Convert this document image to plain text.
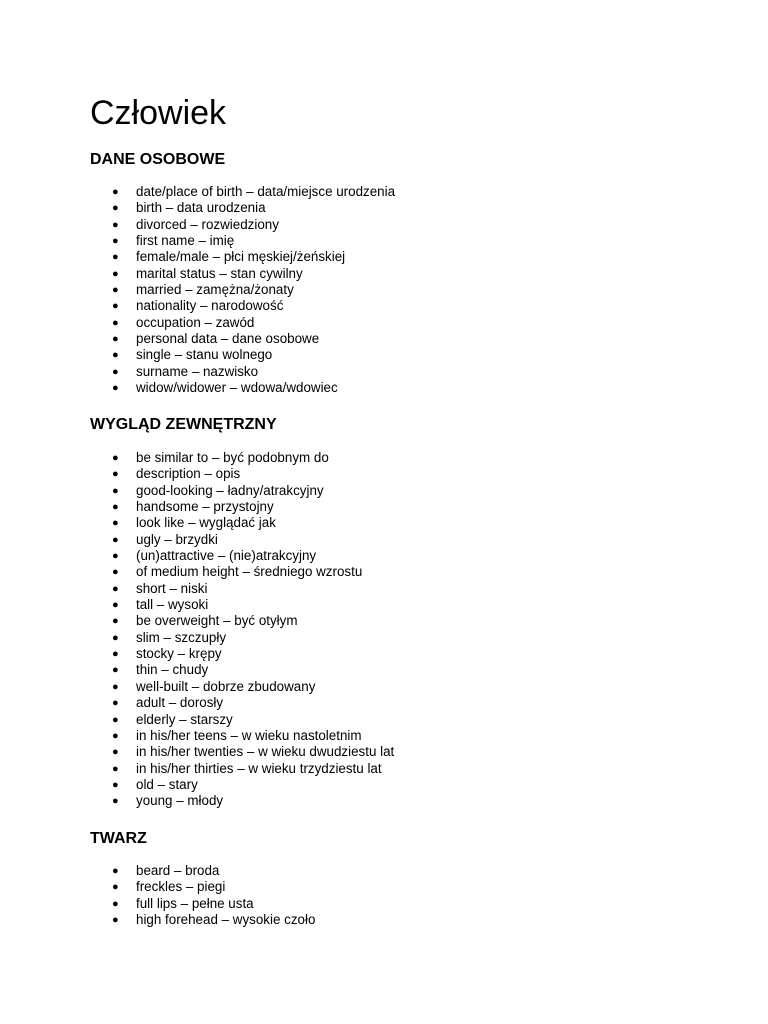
Człowiek
DANE OSOBOWE
● date/place of birth – data/miejsce urodzenia
● birth – data urodzenia
● divorced – rozwiedziony
● first name – imię
● female/male – płci męskiej/żeńskiej
● marital status – stan cywilny
● married – zamężna/żonaty
● nationality – narodowość
● occupation – zawód
● personal data – dane osobowe
● single – stanu wolnego
● surname – nazwisko
● widow/widower – wdowa/wdowiec
WYGLĄD ZEWNĘTRZNY
● be similar to – być podobnym do
● description – opis
● good-looking – ładny/atrakcyjny
● handsome – przystojny
● look like – wyglądać jak
● ugly – brzydki
● (un)attractive – (nie)atrakcyjny
● of medium height – średniego wzrostu
● short – niski
● tall – wysoki
● be overweight – być otyłym
● slim – szczupły
● stocky – krępy
● thin – chudy
● well-built – dobrze zbudowany
● adult – dorosły
● elderly – starszy
● in his/her teens – w wieku nastoletnim
● in his/her twenties – w wieku dwudziestu lat
● in his/her thirties – w wieku trzydziestu lat
● old – stary
● young – młody
TWARZ
● beard – broda
● freckles – piegi
● full lips – pełne usta
● high forehead – wysokie czoło
